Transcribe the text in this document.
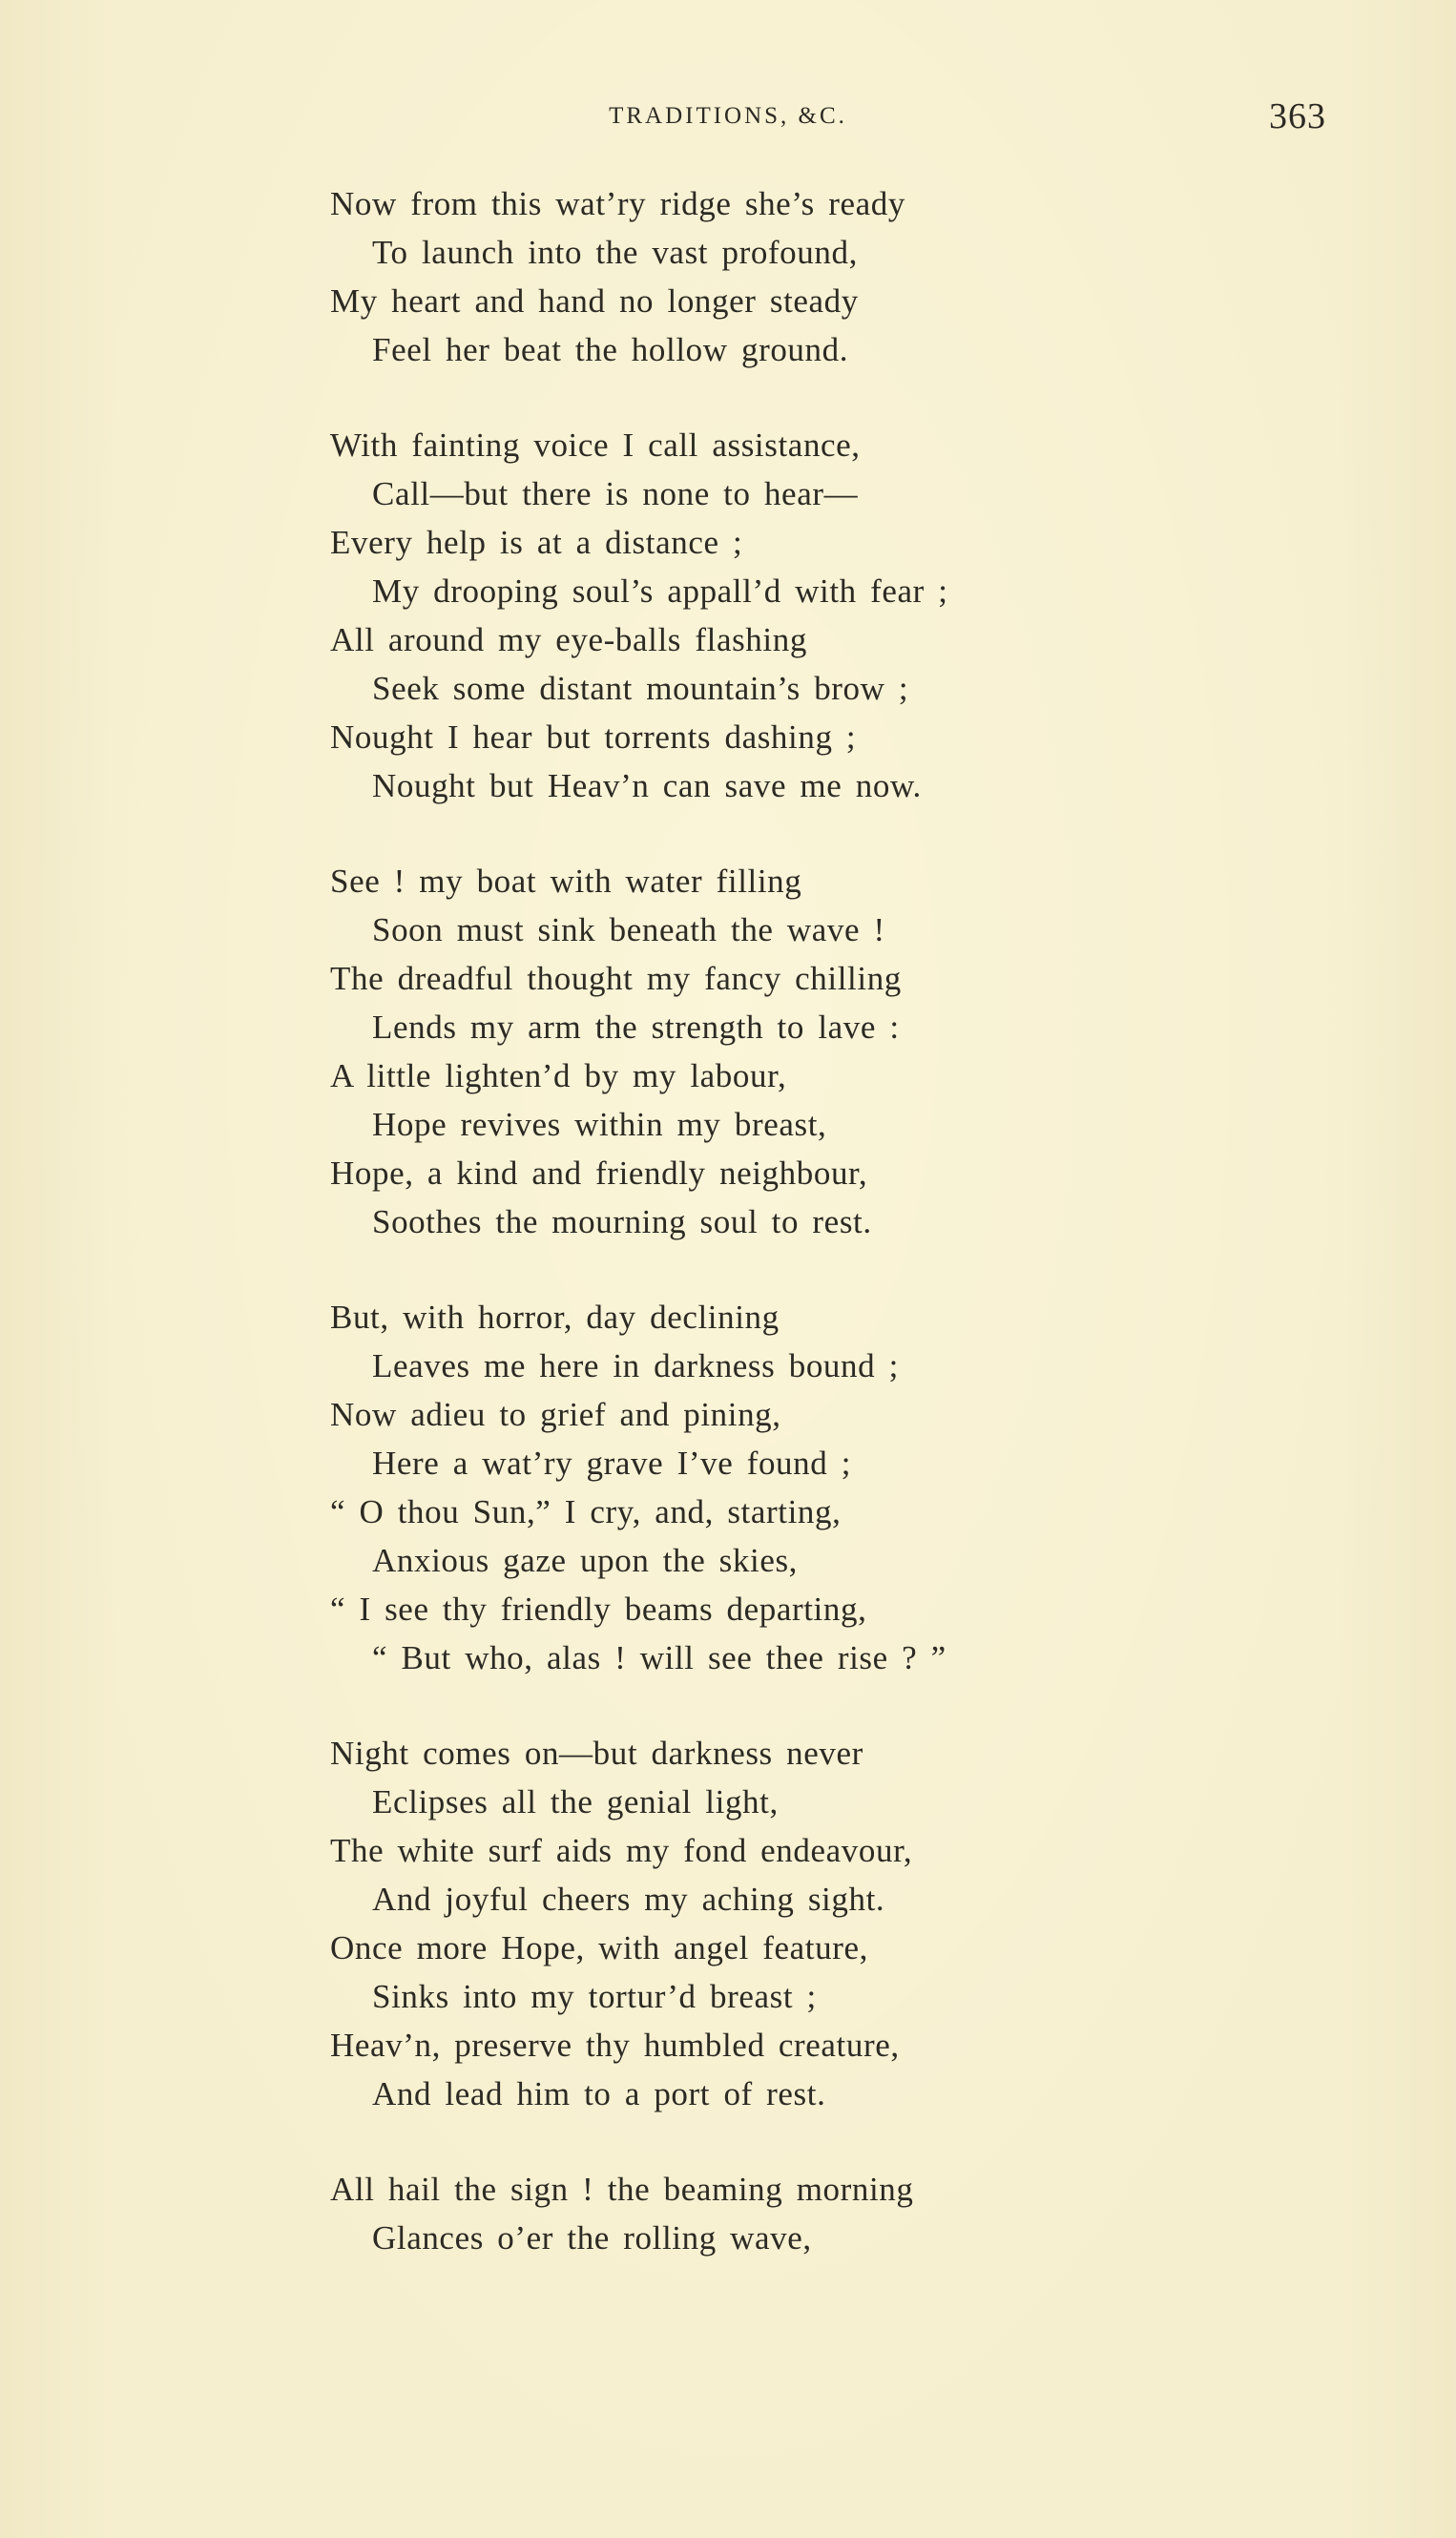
TRADITIONS, &C.	363
Now from this wat’ry ridge she’s ready
To launch into the vast profound,
My heart and hand no longer steady
Feel her beat the hollow ground.
With fainting voice I call assistance,
Call—but there is none to hear—
Every help is at a distance ;
My drooping soul’s appall’d with fear ;
All around my eye-balls flashing
Seek some distant mountain’s brow ;
Nought I hear but torrents dashing ;
Nought but Heav’n can save me now.
See ! my boat with water filling
Soon must sink beneath the wave !
The dreadful thought my fancy chilling
Lends my arm the strength to lave :
A little lighten’d by my labour,
Hope revives within my breast,
Hope, a kind and friendly neighbour,
Soothes the mourning soul to rest.
But, with horror, day declining
Leaves me here in darkness bound ;
Now adieu to grief and pining,
Here a wat’ry grave I’ve found ;
“ O thou Sun,” I cry, and, starting,
Anxious gaze upon the skies,
“ I see thy friendly beams departing,
“ But who, alas ! will see thee rise ? ”
Night comes on—but darkness never
Eclipses all the genial light,
The white surf aids my fond endeavour,
And joyful cheers my aching sight.
Once more Hope, with angel feature,
Sinks into my tortur’d breast ;
Heav’n, preserve thy humbled creature,
And lead him to a port of rest.
All hail the sign ! the beaming morning
Glances o’er the rolling wave,
